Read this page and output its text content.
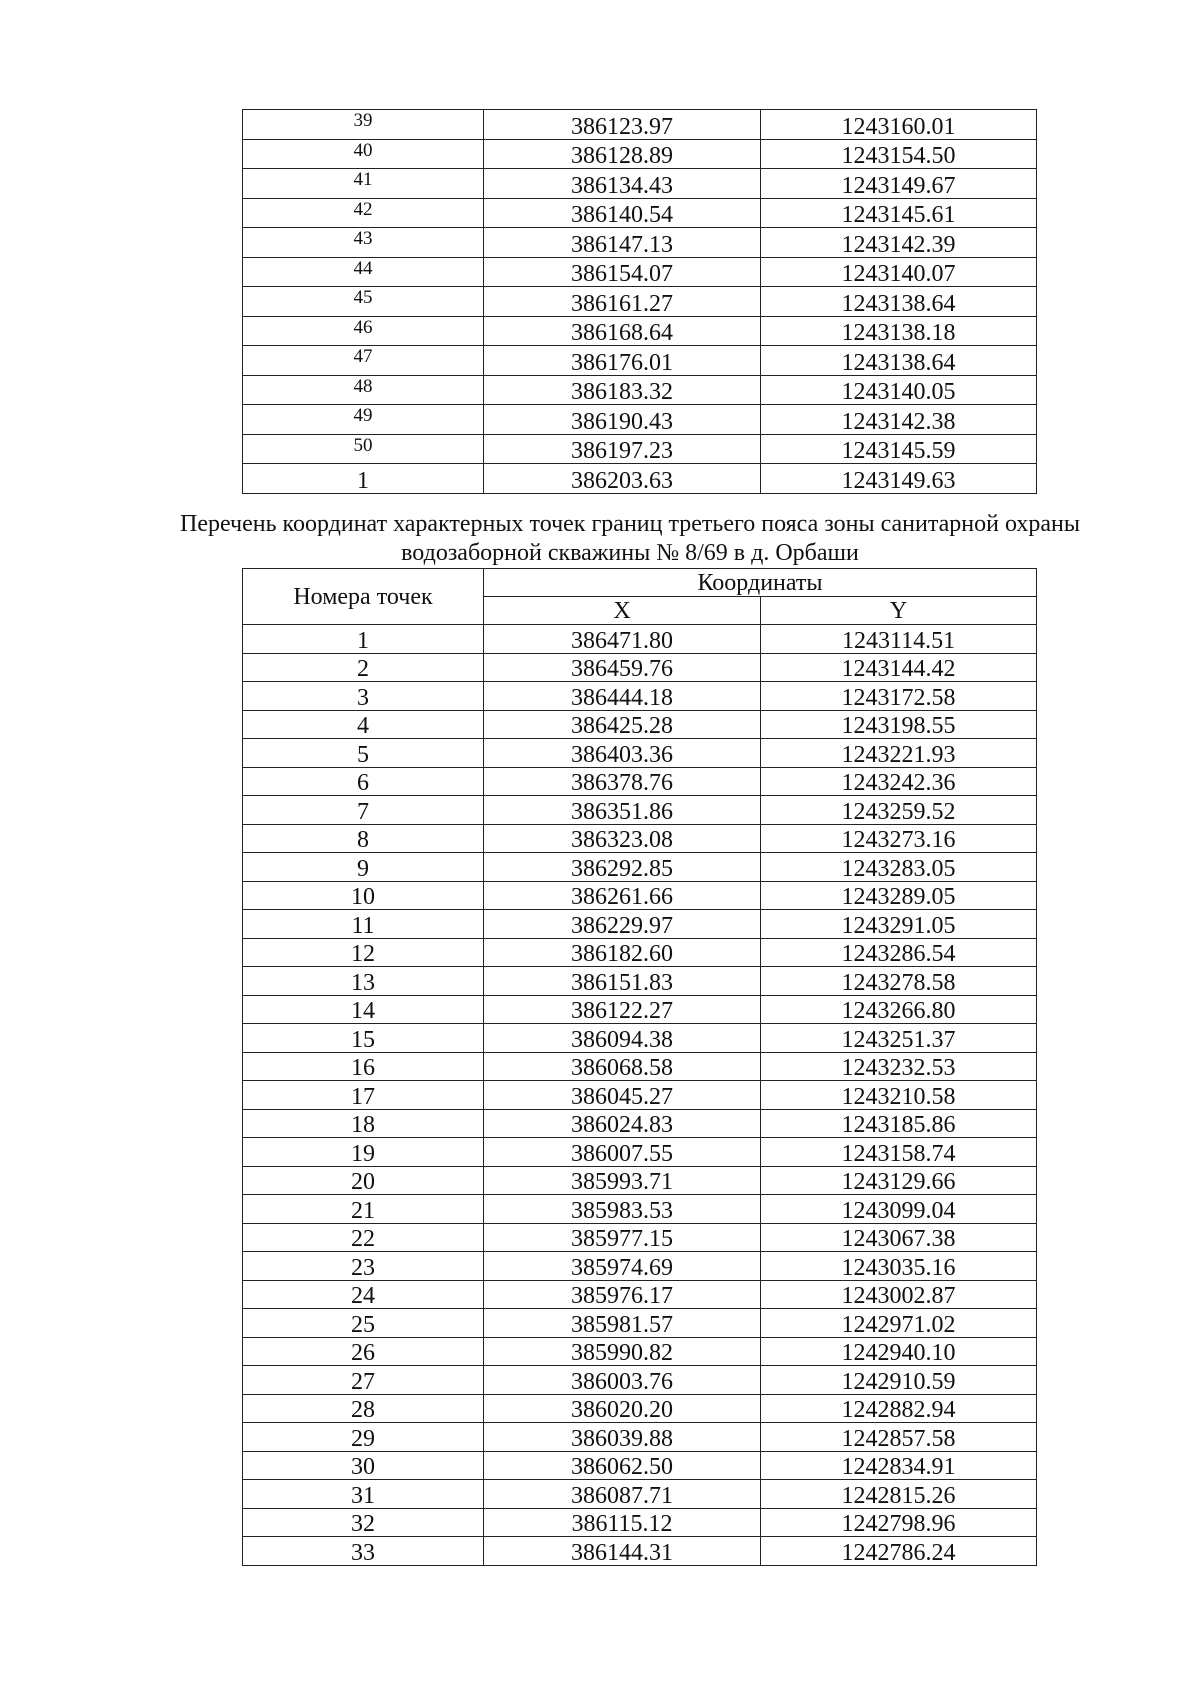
39	386123.97	1243160.01
40	386128.89	1243154.50
41	386134.43	1243149.67
42	386140.54	1243145.61
43	386147.13	1243142.39
44	386154.07	1243140.07
45	386161.27	1243138.64
46	386168.64	1243138.18
47	386176.01	1243138.64
48	386183.32	1243140.05
49	386190.43	1243142.38
50	386197.23	1243145.59
1	386203.63	1243149.63
Перечень координат характерных точек границ третьего пояса зоны санитарной охраны водозаборной скважины № 8/69 в д. Орбаши
Номера точек	Координаты	
	X	Y
1	386471.80	1243114.51
2	386459.76	1243144.42
3	386444.18	1243172.58
4	386425.28	1243198.55
5	386403.36	1243221.93
6	386378.76	1243242.36
7	386351.86	1243259.52
8	386323.08	1243273.16
9	386292.85	1243283.05
10	386261.66	1243289.05
11	386229.97	1243291.05
12	386182.60	1243286.54
13	386151.83	1243278.58
14	386122.27	1243266.80
15	386094.38	1243251.37
16	386068.58	1243232.53
17	386045.27	1243210.58
18	386024.83	1243185.86
19	386007.55	1243158.74
20	385993.71	1243129.66
21	385983.53	1243099.04
22	385977.15	1243067.38
23	385974.69	1243035.16
24	385976.17	1243002.87
25	385981.57	1242971.02
26	385990.82	1242940.10
27	386003.76	1242910.59
28	386020.20	1242882.94
29	386039.88	1242857.58
30	386062.50	1242834.91
31	386087.71	1242815.26
32	386115.12	1242798.96
33	386144.31	1242786.24
